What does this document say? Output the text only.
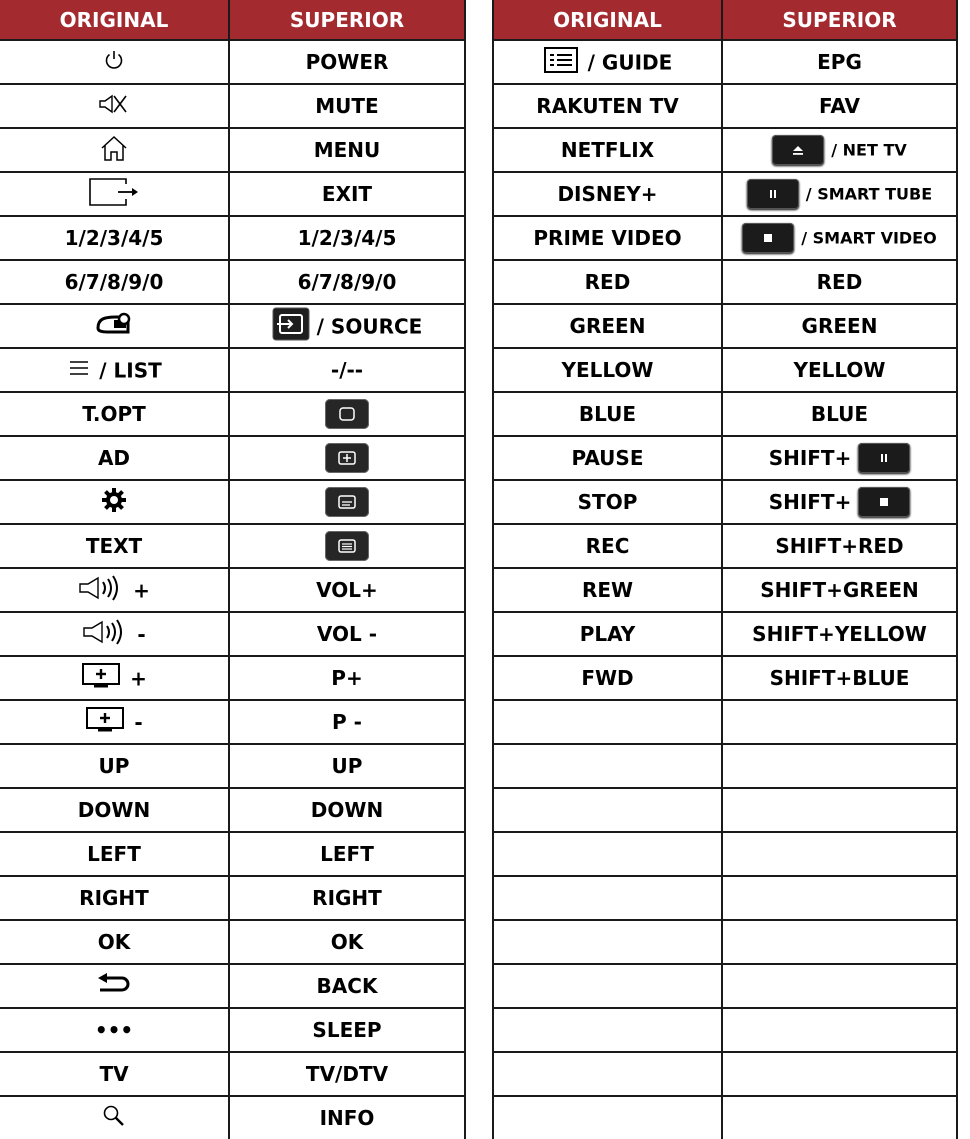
ORIGINAL	SUPERIOR
	POWER
	MUTE
	MENU
	EXIT
1/2/3/4/5	1/2/3/4/5
6/7/8/9/0	6/7/8/9/0
	/ SOURCE
/ LIST	-/--
T.OPT	

AD	

TEXT	

+	VOL+
-	VOL -
+	P+
-	P -
UP	UP
DOWN	DOWN
LEFT	LEFT
RIGHT	RIGHT
OK	OK
	BACK
•••	SLEEP
TV	TV/DTV
	INFO
ORIGINAL	SUPERIOR
/ GUIDE	EPG
RAKUTEN TV	FAV
NETFLIX	/ NET TV
DISNEY+	/ SMART TUBE
PRIME VIDEO	/ SMART VIDEO
RED	RED
GREEN	GREEN
YELLOW	YELLOW
BLUE	BLUE
PAUSE	SHIFT+

STOP	SHIFT+

REC	SHIFT+RED
REW	SHIFT+GREEN
PLAY	SHIFT+YELLOW
FWD	SHIFT+BLUE
